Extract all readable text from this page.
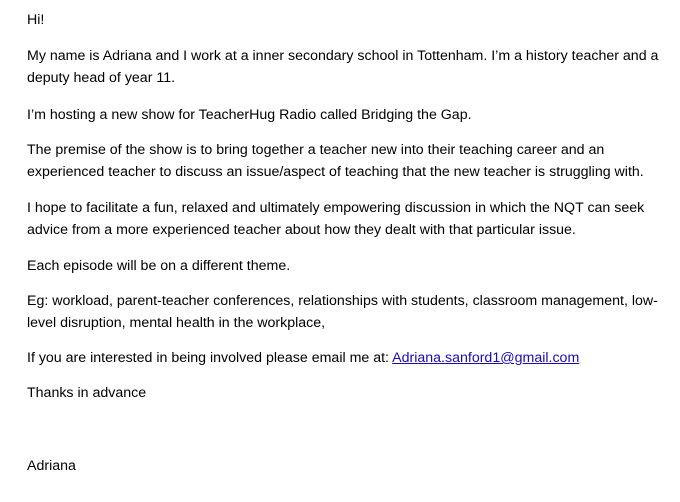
Hi!
My name is Adriana and I work at a inner secondary school in Tottenham. I’m a history teacher and a
deputy head of year 11.
I’m hosting a new show for TeacherHug Radio called Bridging the Gap.
The premise of the show is to bring together a teacher new into their teaching career and an
experienced teacher to discuss an issue/aspect of teaching that the new teacher is struggling with.
I hope to facilitate a fun, relaxed and ultimately empowering discussion in which the NQT can seek
advice from a more experienced teacher about how they dealt with that particular issue.
Each episode will be on a different theme.
Eg: workload, parent-teacher conferences, relationships with students, classroom management, low-
level disruption, mental health in the workplace,
If you are interested in being involved please email me at: Adriana.sanford1@gmail.com
Thanks in advance
Adriana
